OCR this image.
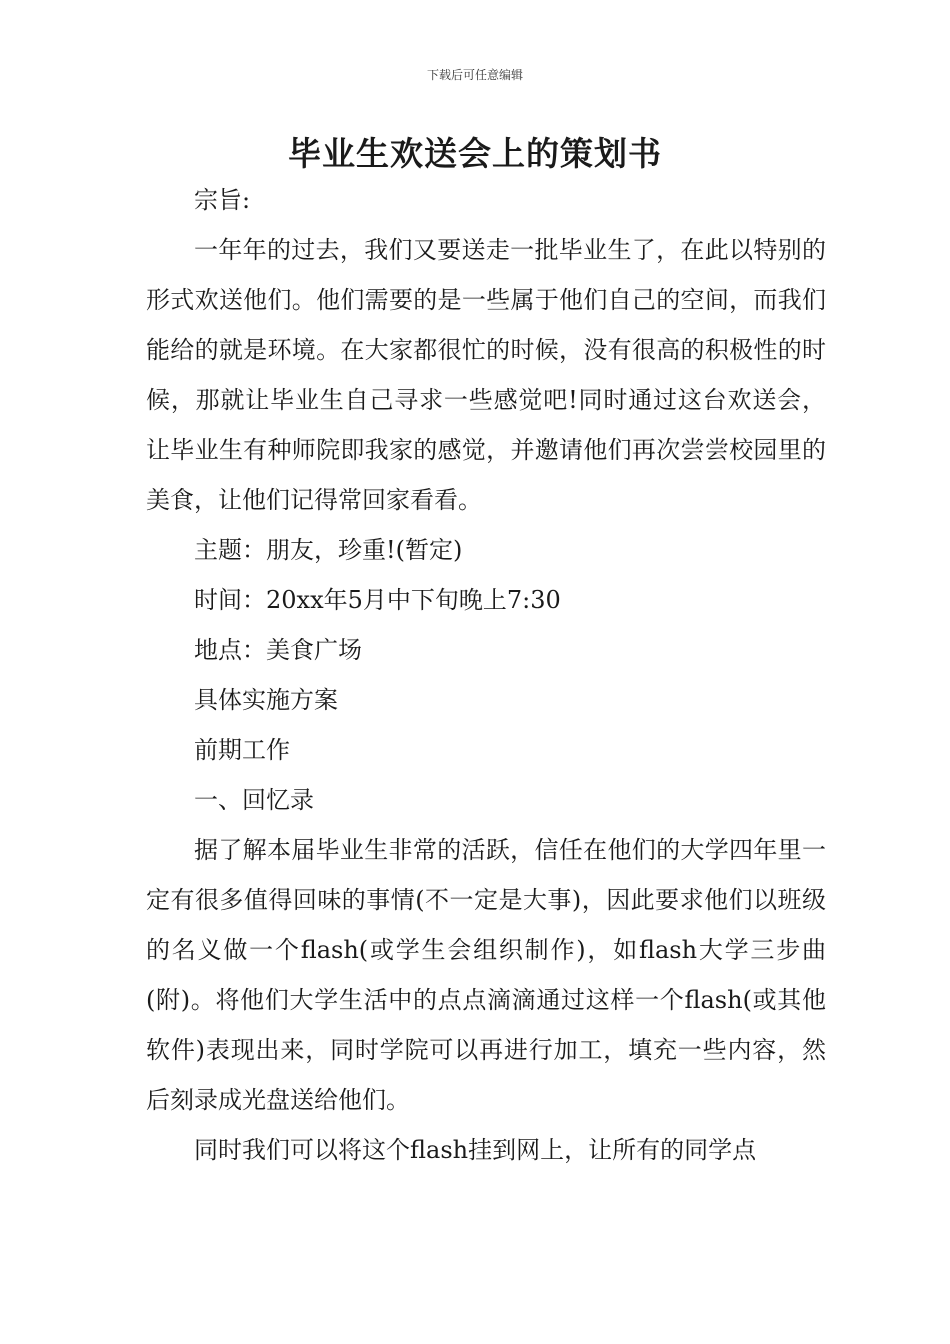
下载后可任意编辑
毕业生欢送会上的策划书

宗旨:

一年年的过去，我们又要送走一批毕业生了，在此以特别的形式欢送他们。他们需要的是一些属于他们自己的空间，而我们能给的就是环境。在大家都很忙的时候，没有很高的积极性的时候，那就让毕业生自己寻求一些感觉吧!同时通过这台欢送会，让毕业生有种师院即我家的感觉，并邀请他们再次尝尝校园里的美食，让他们记得常回家看看。

主题：朋友，珍重!(暂定)

时间：20xx年5月中下旬晚上7:30

地点：美食广场

具体实施方案

前期工作

一、回忆录

据了解本届毕业生非常的活跃，信任在他们的大学四年里一定有很多值得回味的事情(不一定是大事)，因此要求他们以班级的名义做一个flash(或学生会组织制作)，如flash大学三步曲(附)。将他们大学生活中的点点滴滴通过这样一个flash(或其他软件)表现出来，同时学院可以再进行加工，填充一些内容，然后刻录成光盘送给他们。

同时我们可以将这个flash挂到网上，让所有的同学点
